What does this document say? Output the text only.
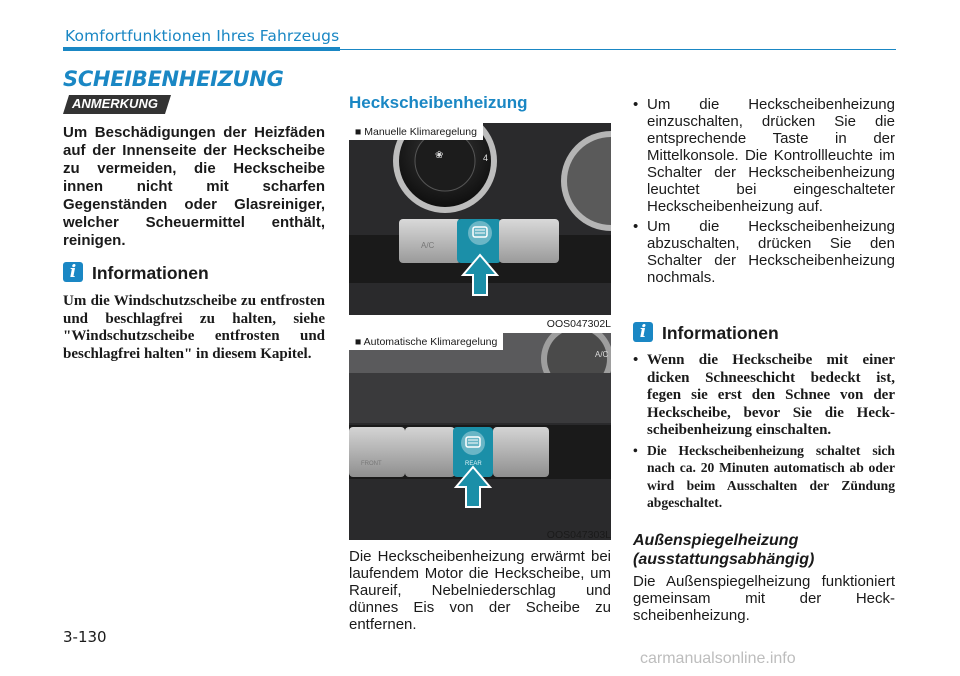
Komfortfunktionen Ihres Fahrzeugs
SCHEIBENHEIZUNG
ANMERKUNG
Um Beschädigungen der Heizfäden auf der Innenseite der Heckscheibe zu vermeiden, die Heckscheibe innen nicht mit scharfen Gegenständen oder Glasreiniger, welcher Scheuermittel enthält, reinigen.
i Informationen
Um die Windschutzscheibe zu entfrosten und beschlagfrei zu halten, siehe "Windschutzscheibe entfrosten und beschlagfrei halten" in diesem Kapitel.
Heckscheibenheizung
❀	4
A/C
■ Manuelle Klimaregelung
OOS047302L
A/C
FRONT	REAR
■ Automatische Klimaregelung
OOS047303L
Die Heckscheibenheizung erwärmt bei laufendem Motor die Heckscheibe, um Raureif, Nebelniederschlag und dünnes Eis von der Scheibe zu entfernen.
• Um die Heckscheibenheizung einzuschalten, drücken Sie die entsprechende Taste in der Mittelkonsole. Die Kontrollleuchte im Schalter der Heckscheibenheizung leuchtet bei eingeschalteter Heckscheibenheizung auf.
• Um die Heckscheibenheizung abzuschalten, drücken Sie den Schalter der Heckscheibenheizung nochmals.
i Informationen
• Wenn die Heckscheibe mit einer dicken Schneeschicht bedeckt ist, fegen sie erst den Schnee von der Heckscheibe, bevor Sie die Heckscheibenheizung einschalten.
• Die Heckscheibenheizung schaltet sich nach ca. 20 Minuten automatisch ab oder wird beim Ausschalten der Zündung abgeschaltet.
Außenspiegelheizung
(ausstattungsabhängig)
Die Außenspiegelheizung funktioniert gemeinsam mit der Heckscheibenheizung.
3-130
carmanualsonline.info
